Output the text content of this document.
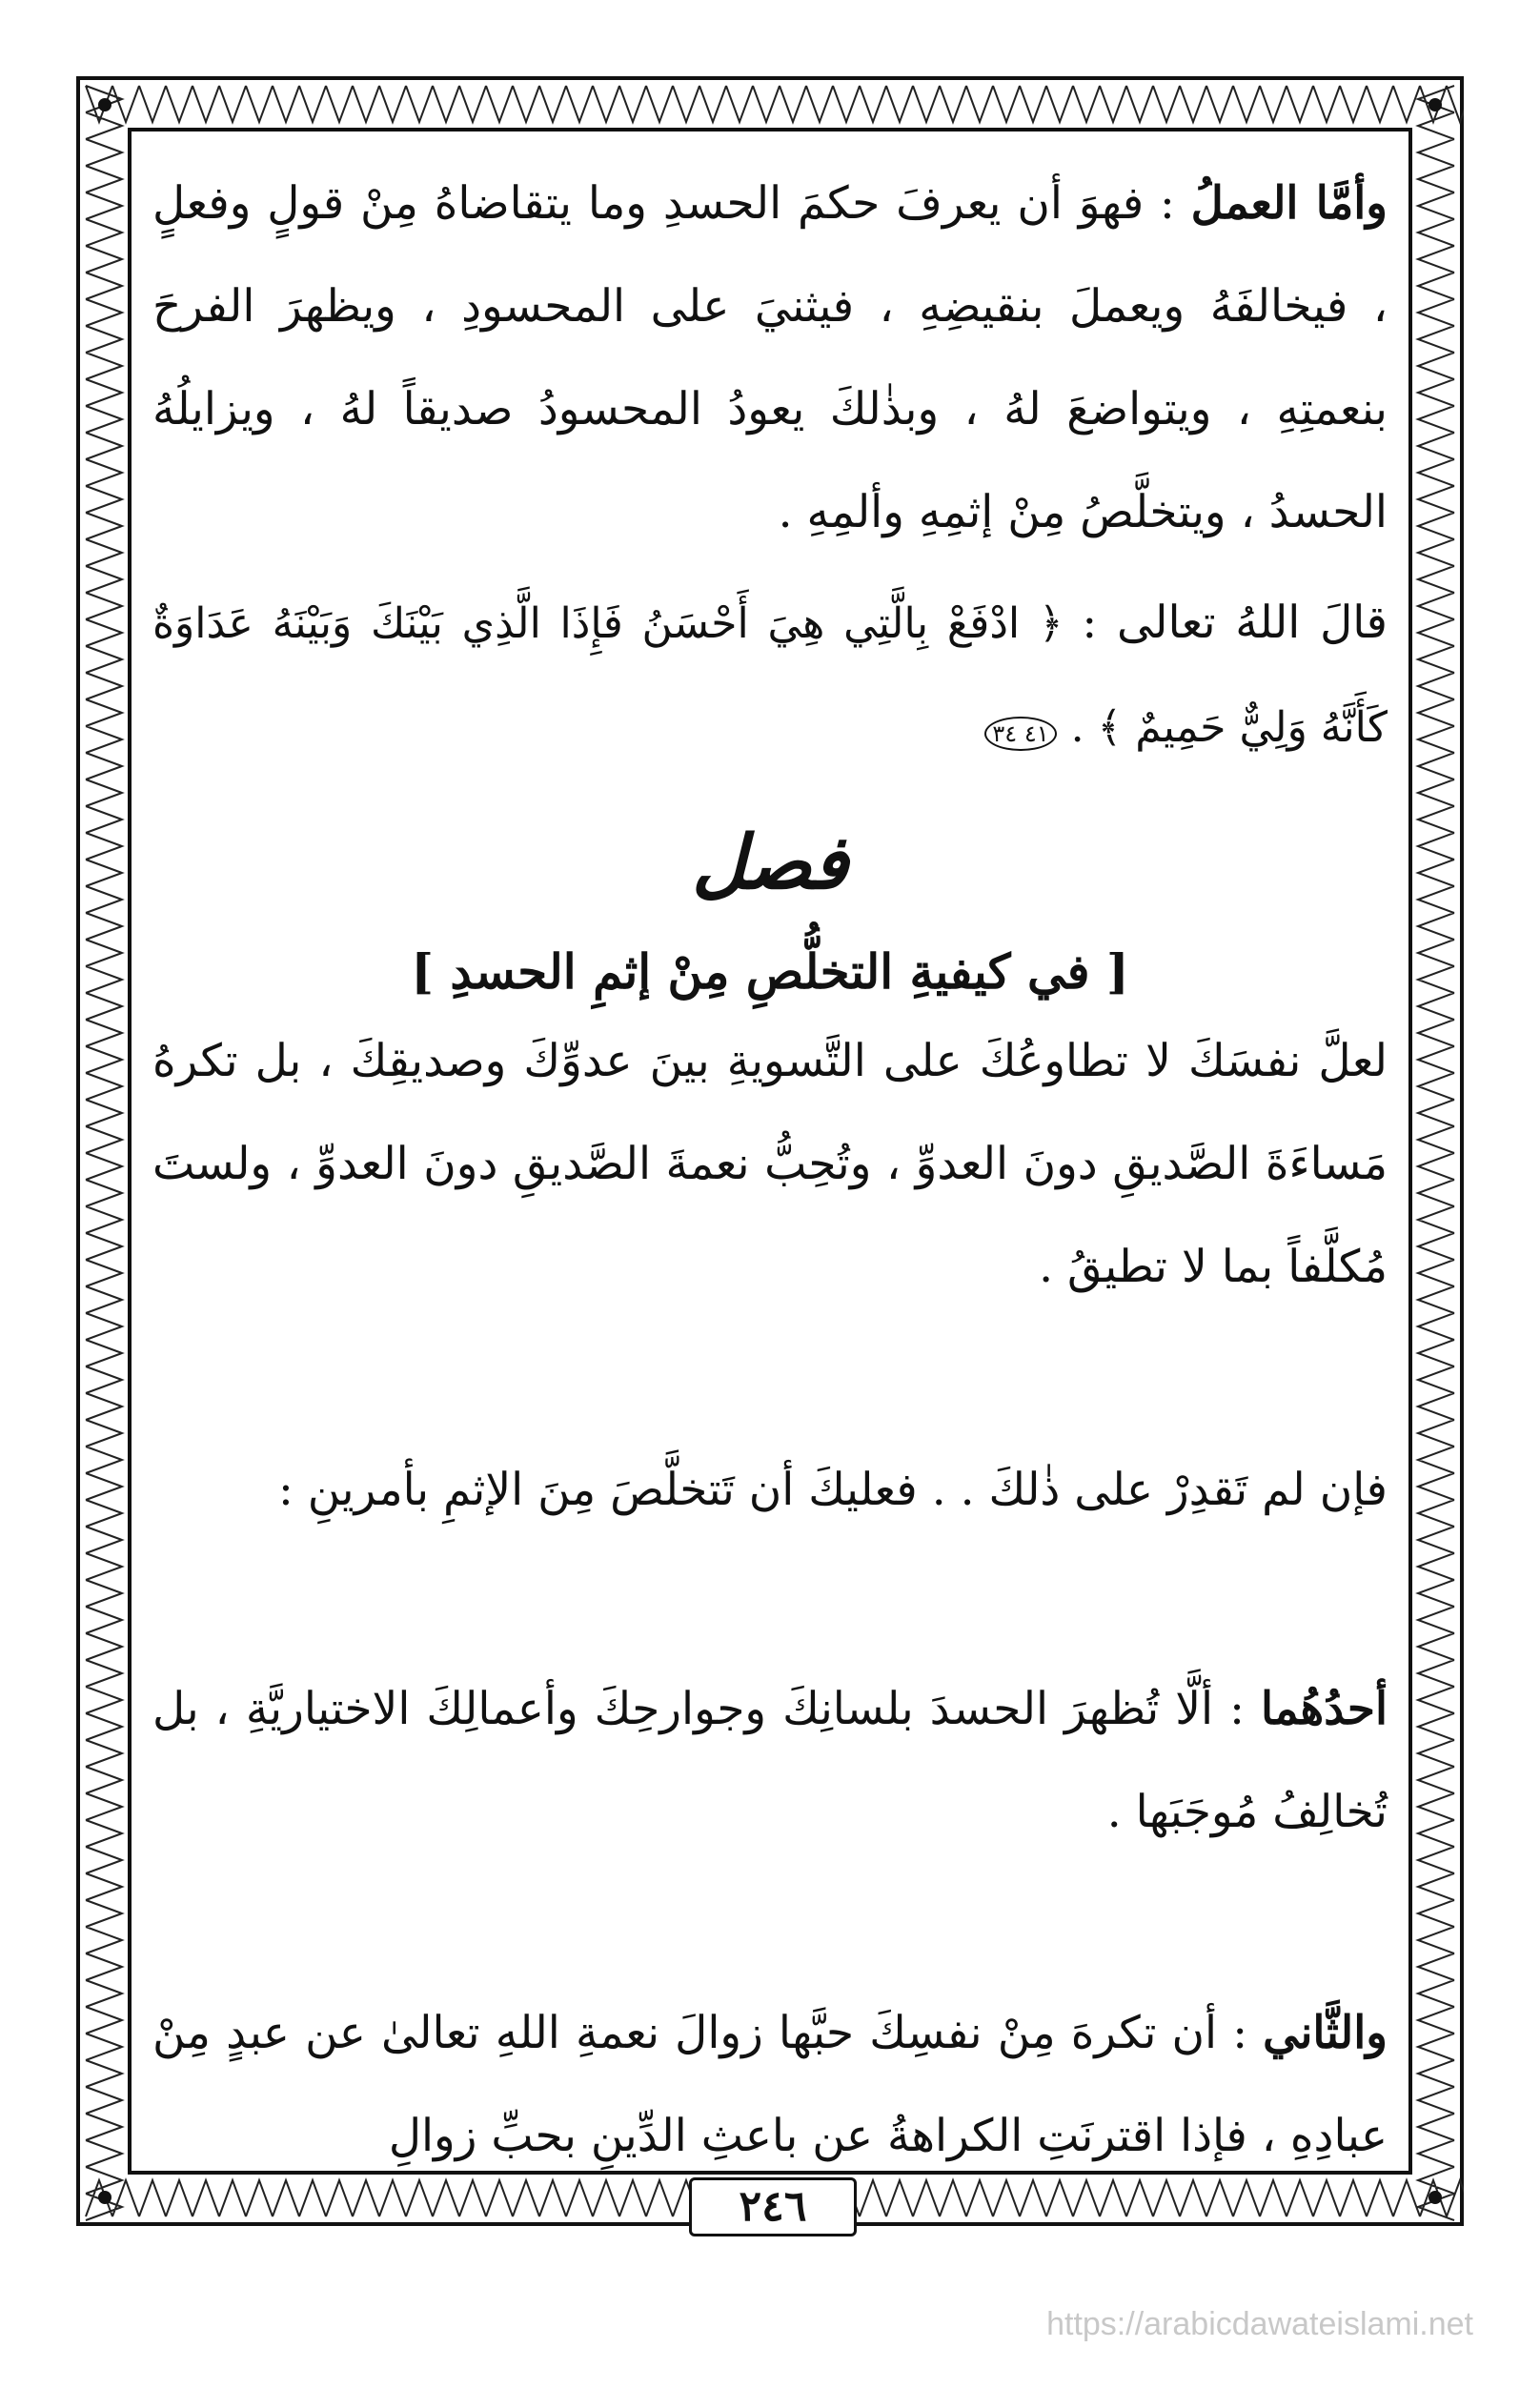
وأمَّا العملُ : فهوَ أن يعرفَ حكمَ الحسدِ وما يتقاضاهُ مِنْ قولٍ وفعلٍ ، فيخالفَهُ ويعملَ بنقيضِهِ ، فيثنيَ على المحسودِ ، ويظهرَ الفرحَ بنعمتِهِ ، ويتواضعَ لهُ ، وبذٰلكَ يعودُ المحسودُ صديقاً لهُ ، ويزايلُهُ الحسدُ ، ويتخلَّصُ مِنْ إثمِهِ وألمِهِ .

قالَ اللهُ تعالى : ﴿ ادْفَعْ بِالَّتِي هِيَ أَحْسَنُ فَإِذَا الَّذِي بَيْنَكَ وَبَيْنَهُ عَدَاوَةٌ كَأَنَّهُ وَلِيٌّ حَمِيمٌ ﴾ . ٤١ ٣٤

فصل
[ في كيفيةِ التخلُّصِ مِنْ إثمِ الحسدِ ]

لعلَّ نفسَكَ لا تطاوعُكَ على التَّسويةِ بينَ عدوِّكَ وصديقِكَ ، بل تكرهُ مَساءَةَ الصَّديقِ دونَ العدوِّ ، وتُحِبُّ نعمةَ الصَّديقِ دونَ العدوِّ ، ولستَ مُكلَّفاً بما لا تطيقُ .

فإن لم تَقدِرْ على ذٰلكَ . . فعليكَ أن تَتخلَّصَ مِنَ الإثمِ بأمرينِ :

أحدُهُما : ألَّا تُظهرَ الحسدَ بلسانِكَ وجوارحِكَ وأعمالِكَ الاختياريَّةِ ، بل تُخالِفُ مُوجَبَها .

والثَّاني : أن تكرهَ مِنْ نفسِكَ حبَّها زوالَ نعمةِ اللهِ تعالىٰ عن عبدٍ مِنْ عبادِهِ ، فإذا اقترنَتِ الكراهةُ عن باعثِ الدِّينِ بحبِّ زوالِ

٢٤٦
https://arabicdawateislami.net
